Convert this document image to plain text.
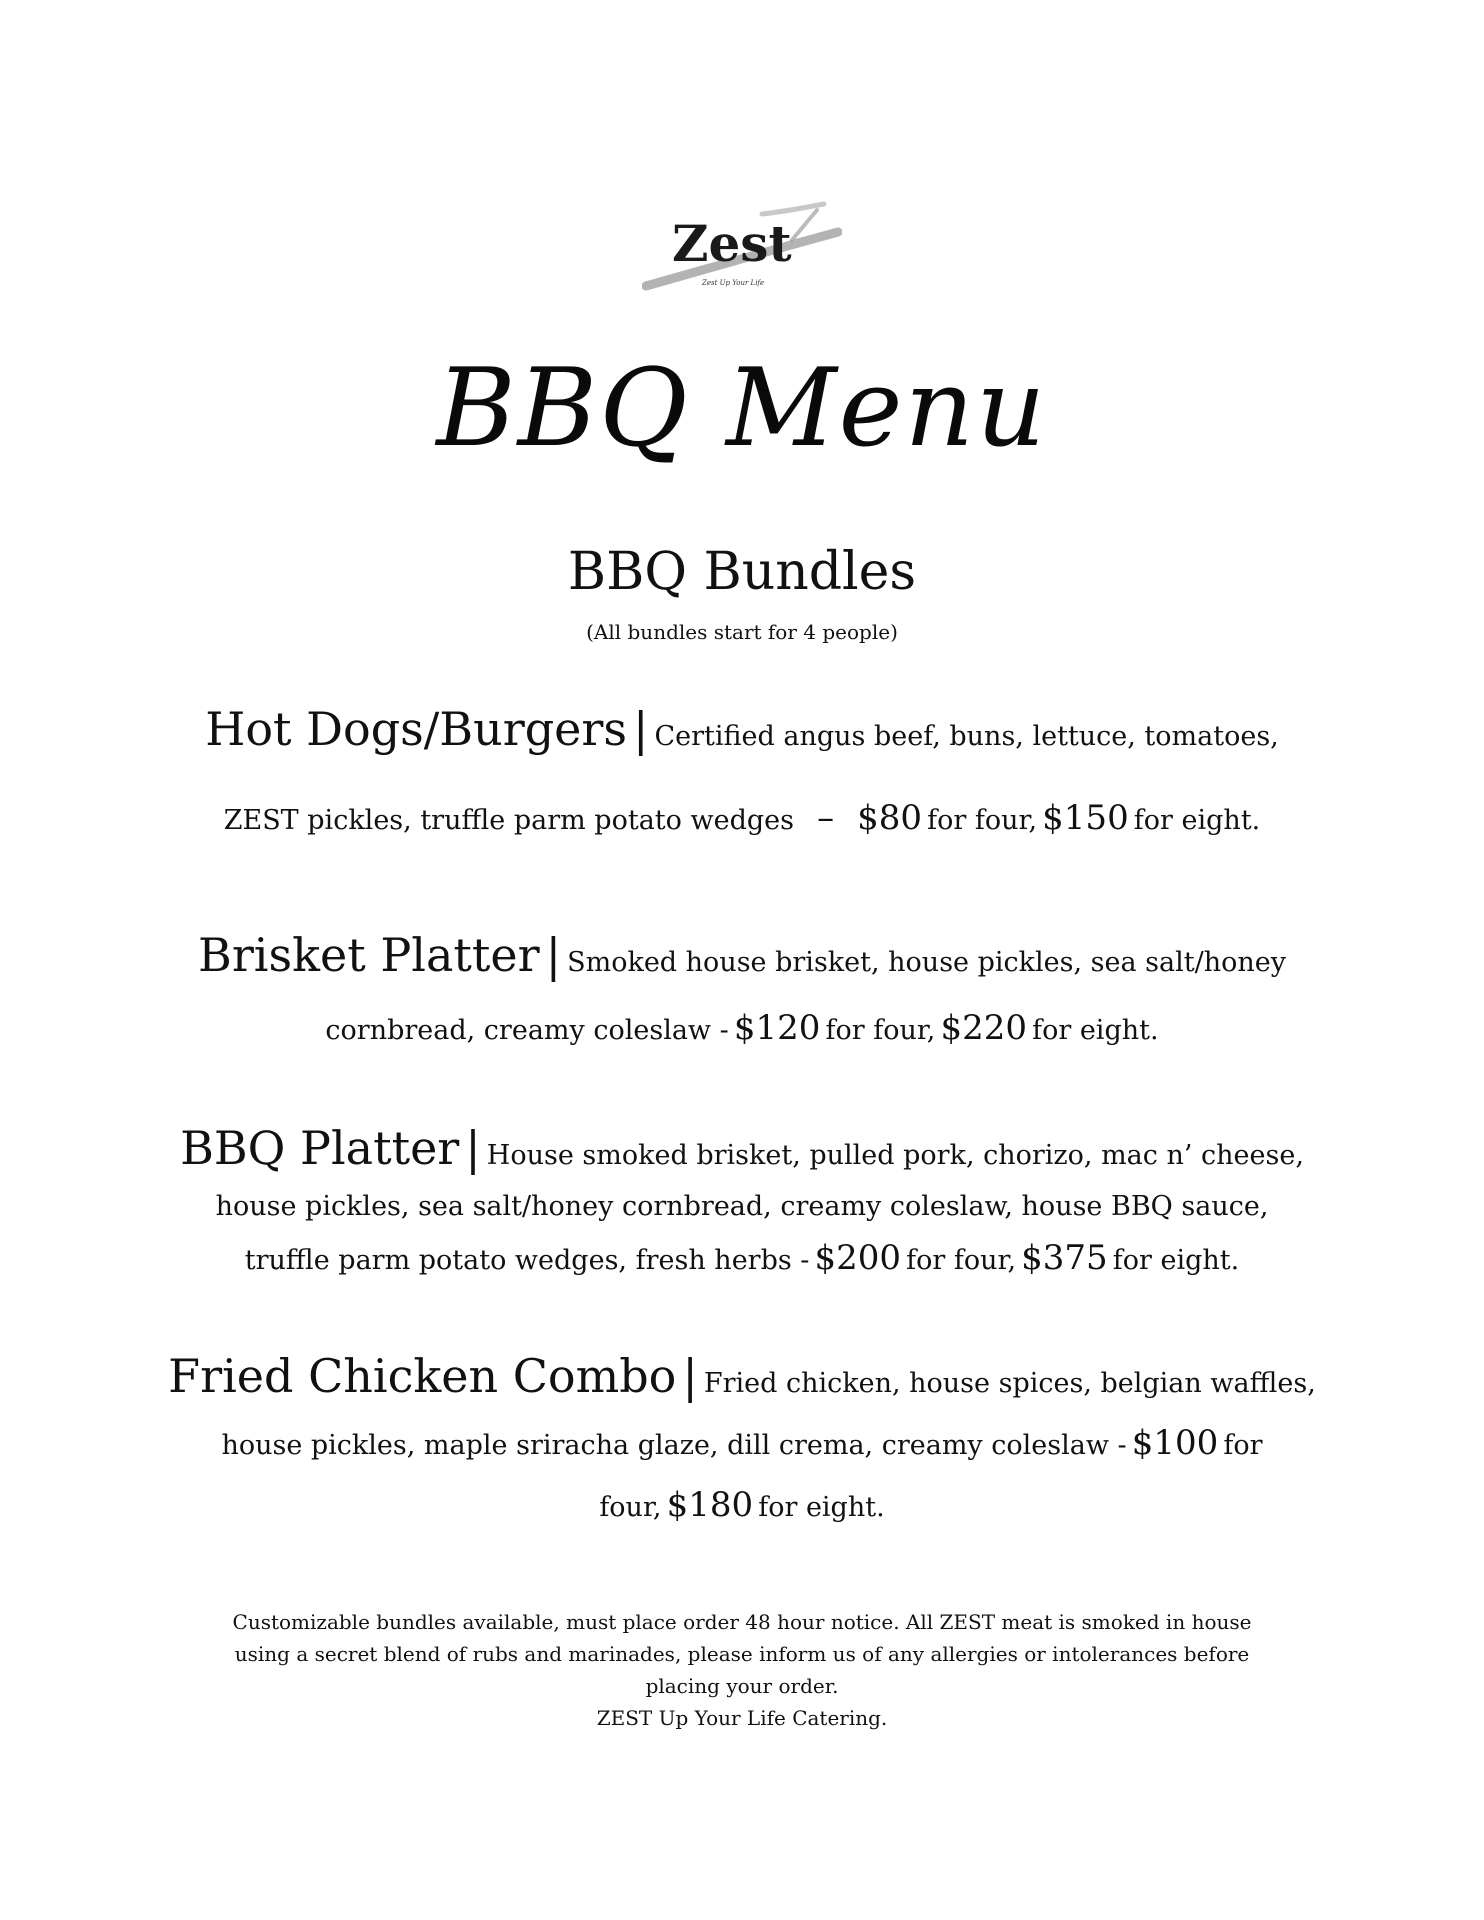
Zest
Zest Up Your Life
BBQ Menu
BBQ Bundles
(All bundles start for 4 people)
Hot Dogs/Burgers | Certified angus beef, buns, lettuce, tomatoes,
ZEST pickles, truffle parm potato wedges – $80 for four, $150 for eight.
Brisket Platter | Smoked house brisket, house pickles, sea salt/honey
cornbread, creamy coleslaw - $120 for four, $220 for eight.
BBQ Platter | House smoked brisket, pulled pork, chorizo, mac n’ cheese,
house pickles, sea salt/honey cornbread, creamy coleslaw, house BBQ sauce,
truffle parm potato wedges, fresh herbs - $200 for four, $375 for eight.
Fried Chicken Combo | Fried chicken, house spices, belgian waffles,
house pickles, maple sriracha glaze, dill crema, creamy coleslaw - $100 for
four, $180 for eight.

Customizable bundles available, must place order 48 hour notice. All ZEST meat is smoked in house

using a secret blend of rubs and marinades, please inform us of any allergies or intolerances before

placing your order.

ZEST Up Your Life Catering.
